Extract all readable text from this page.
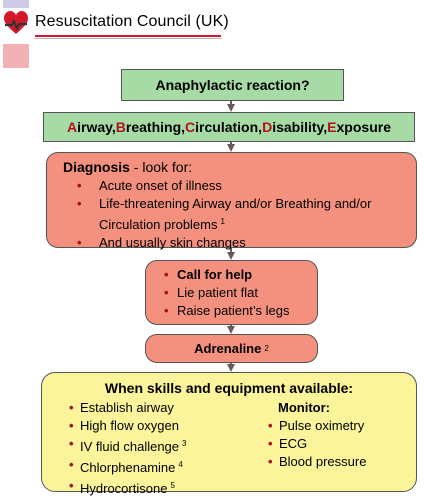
Resuscitation Council (UK)
Anaphylactic reaction?
A irway, B reathing, C irculation, D isability, E xposure
Diagnosis - look for:
• Acute onset of illness
• Life-threatening Airway and/or Breathing and/or Circulation problems $^1$
• And usually skin changes
• Call for help
• Lie patient flat
• Raise patient’s legs
Adrenaline 2
When skills and equipment available:
• Establish airway
• High flow oxygen
• IV fluid challenge $^3$
• Chlorphenamine $^4$
• Hydrocortisone $^5$
Monitor:
• Pulse oximetry
• ECG
• Blood pressure
